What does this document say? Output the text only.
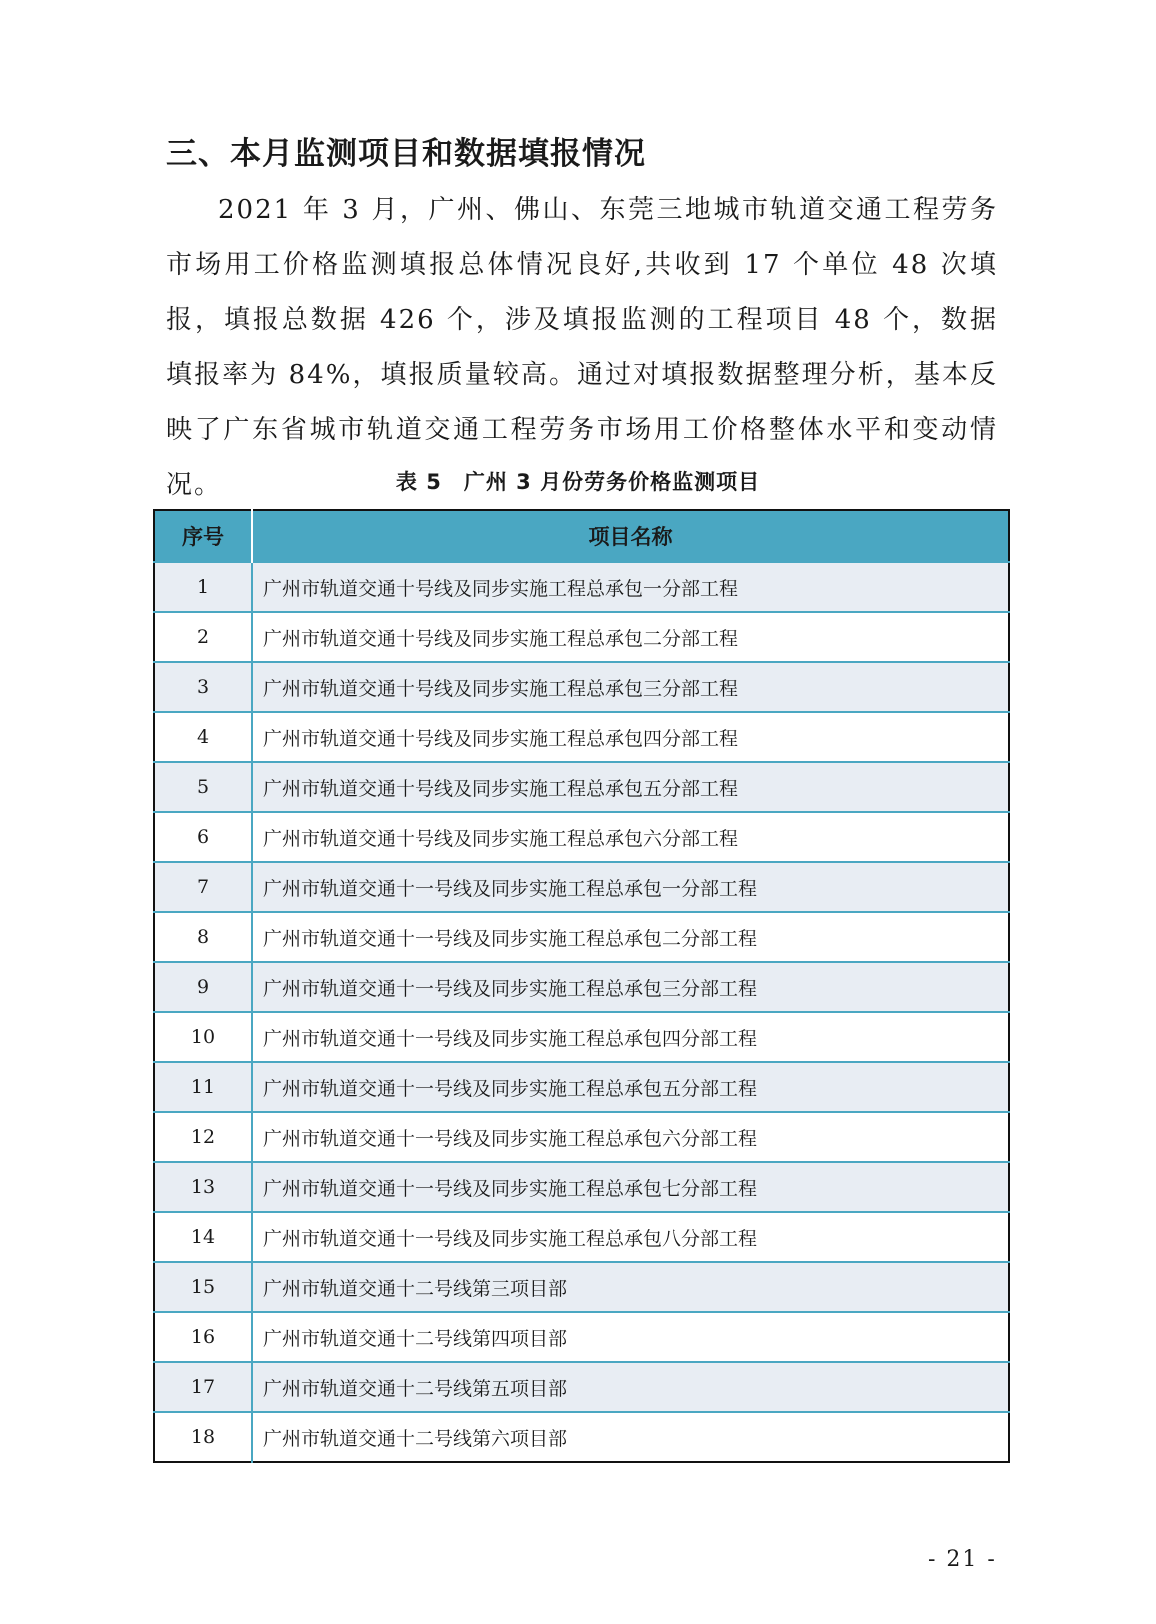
三、本月监测项目和数据填报情况

2021 年 3 月，广州、佛山、东莞三地城市轨道交通工程劳务市场用工价格监测填报总体情况良好,共收到 17 个单位 48 次填报，填报总数据 426 个，涉及填报监测的工程项目 48 个，数据填报率为 84%，填报质量较高。通过对填报数据整理分析，基本反映了广东省城市轨道交通工程劳务市场用工价格整体水平和变动情况。	表 5　广州 3 月份劳务价格监测项目
序号	项目名称
1	广州市轨道交通十号线及同步实施工程总承包一分部工程
2	广州市轨道交通十号线及同步实施工程总承包二分部工程
3	广州市轨道交通十号线及同步实施工程总承包三分部工程
4	广州市轨道交通十号线及同步实施工程总承包四分部工程
5	广州市轨道交通十号线及同步实施工程总承包五分部工程
6	广州市轨道交通十号线及同步实施工程总承包六分部工程
7	广州市轨道交通十一号线及同步实施工程总承包一分部工程
8	广州市轨道交通十一号线及同步实施工程总承包二分部工程
9	广州市轨道交通十一号线及同步实施工程总承包三分部工程
10	广州市轨道交通十一号线及同步实施工程总承包四分部工程
11	广州市轨道交通十一号线及同步实施工程总承包五分部工程
12	广州市轨道交通十一号线及同步实施工程总承包六分部工程
13	广州市轨道交通十一号线及同步实施工程总承包七分部工程
14	广州市轨道交通十一号线及同步实施工程总承包八分部工程
15	广州市轨道交通十二号线第三项目部
16	广州市轨道交通十二号线第四项目部
17	广州市轨道交通十二号线第五项目部
18	广州市轨道交通十二号线第六项目部
- 21 -
